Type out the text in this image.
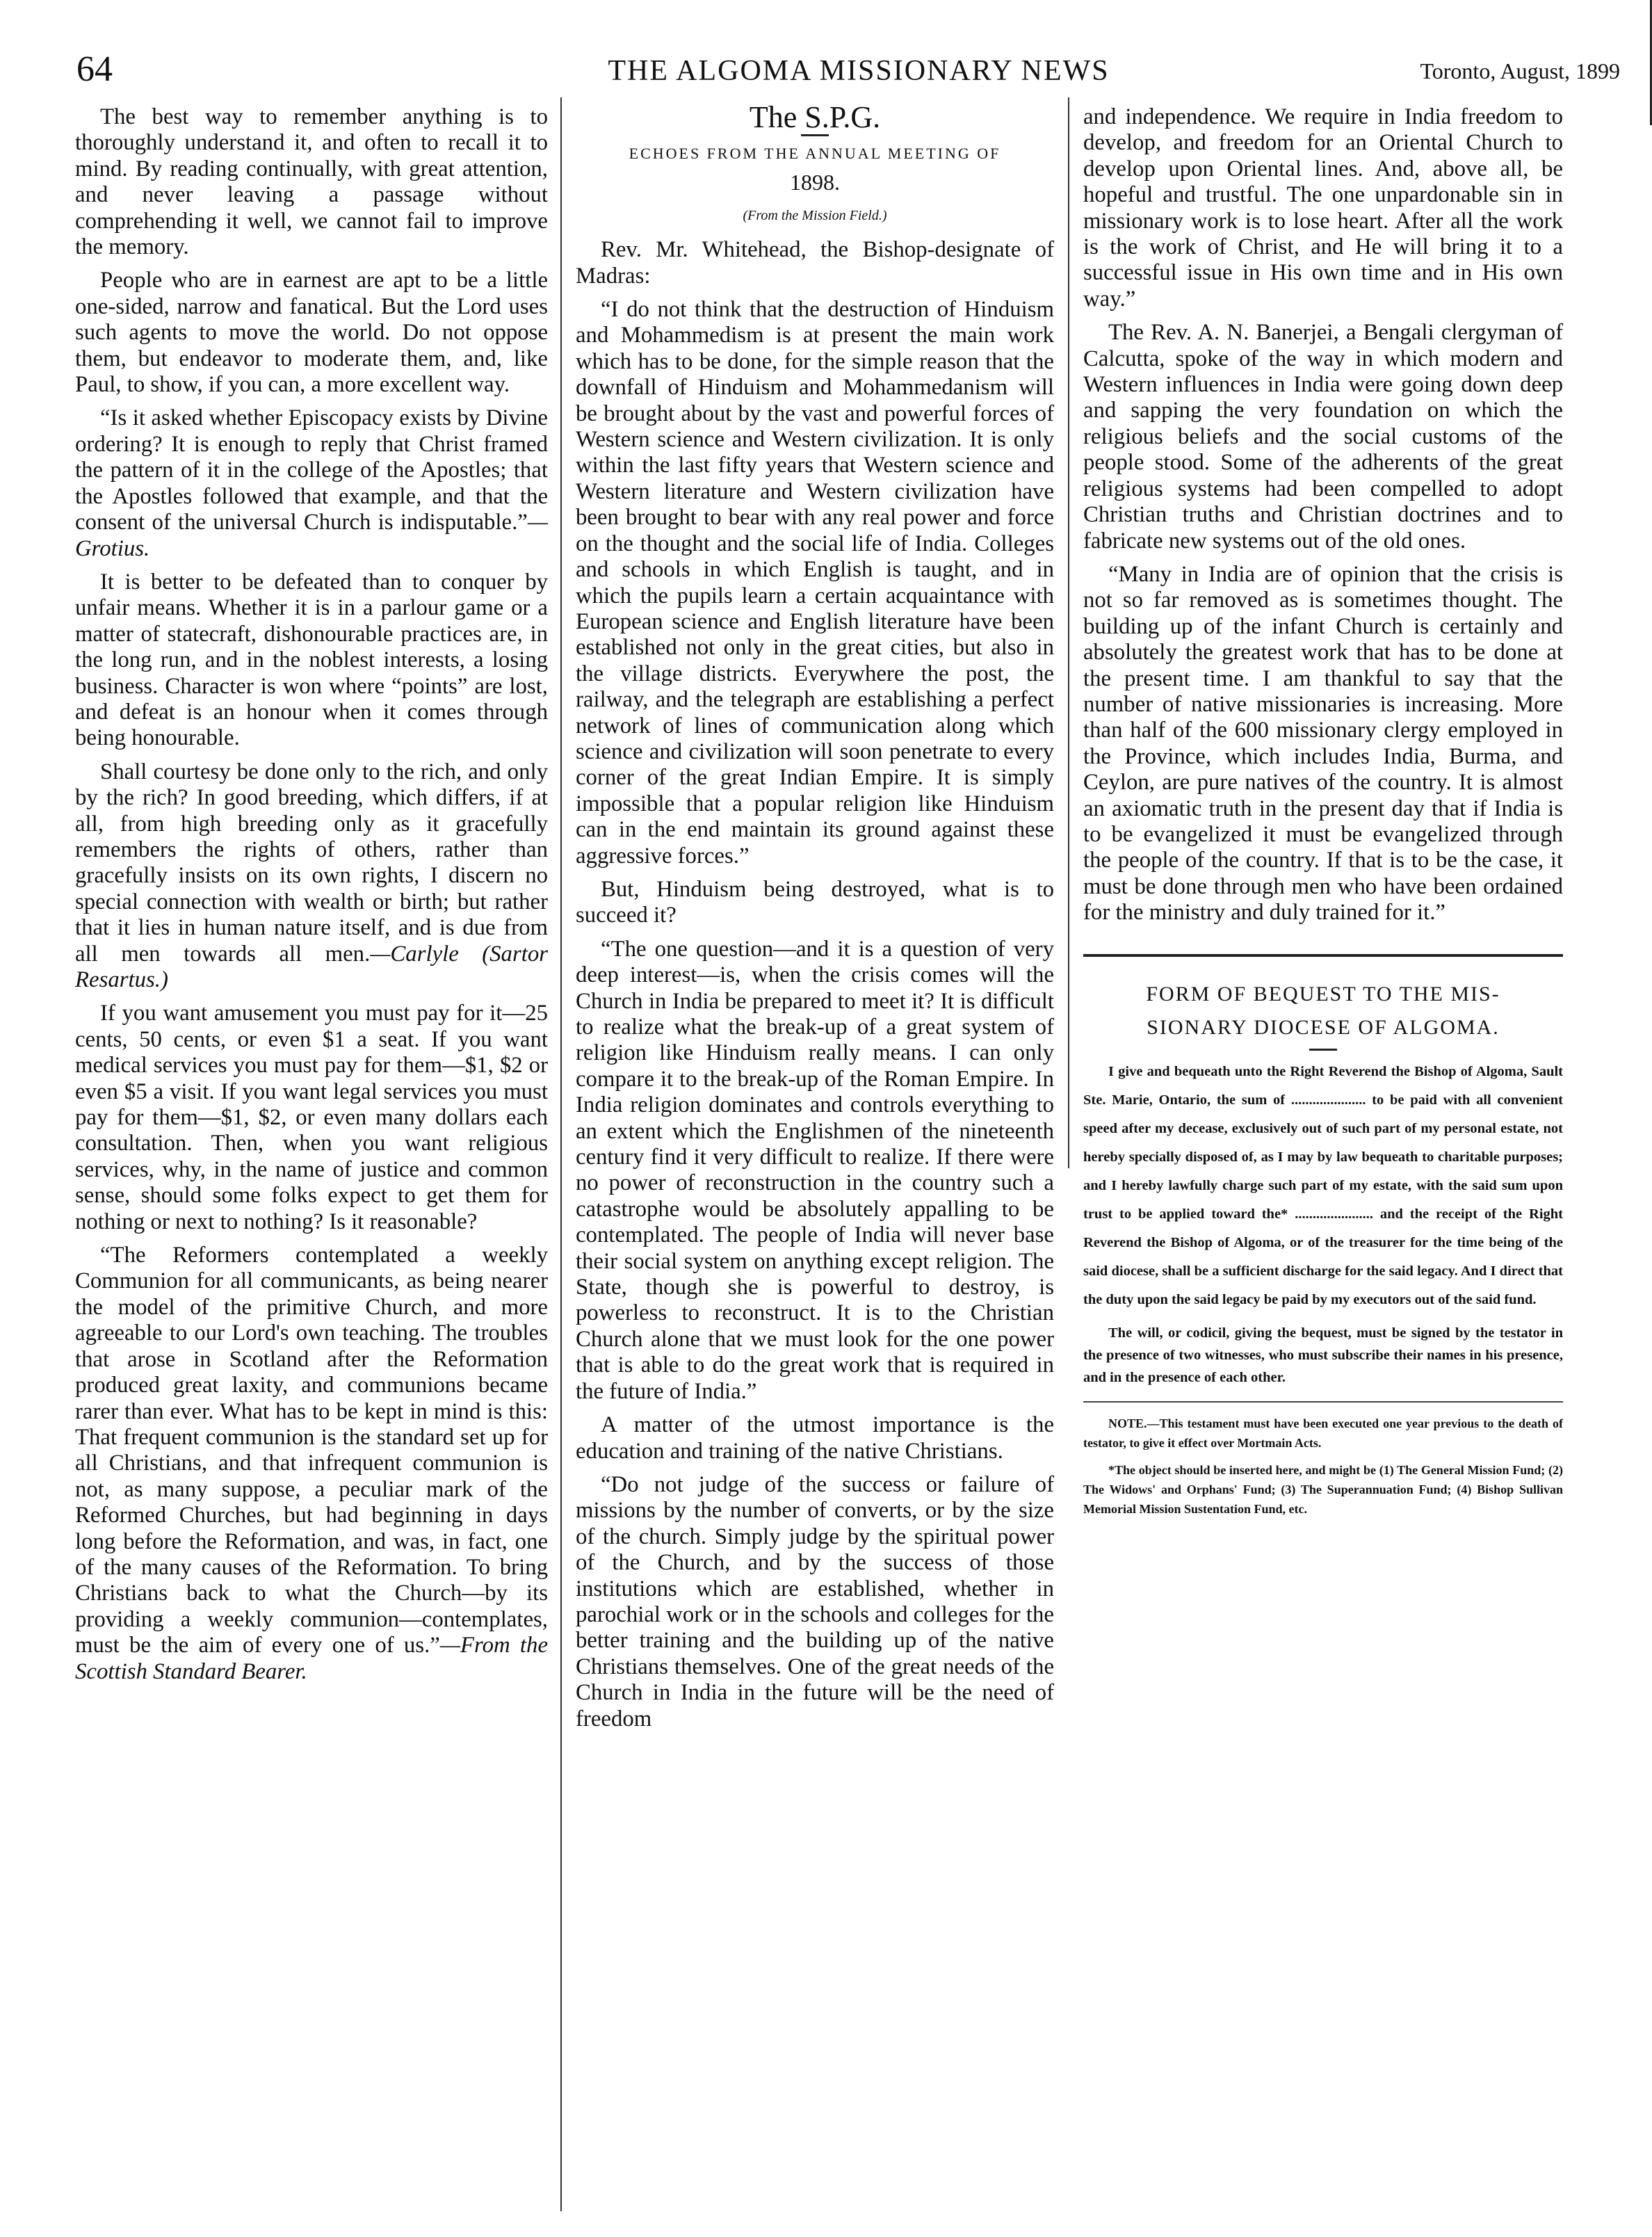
64	THE ALGOMA MISSIONARY NEWS	Toronto, August, 1899

The best way to remember anything is to thoroughly understand it, and often to recall it to mind. By reading continually, with great attention, and never leaving a passage without comprehending it well, we cannot fail to improve the memory.

People who are in earnest are apt to be a little one-sided, narrow and fanatical. But the Lord uses such agents to move the world. Do not oppose them, but endeavor to moderate them, and, like Paul, to show, if you can, a more excellent way.

“Is it asked whether Episcopacy exists by Divine ordering? It is enough to reply that Christ framed the pattern of it in the college of the Apostles; that the Apostles followed that example, and that the consent of the universal Church is indisputable.”—Grotius.

It is better to be defeated than to conquer by unfair means. Whether it is in a parlour game or a matter of statecraft, dishonourable practices are, in the long run, and in the noblest interests, a losing business. Character is won where “points” are lost, and defeat is an honour when it comes through being honourable.

Shall courtesy be done only to the rich, and only by the rich? In good breeding, which differs, if at all, from high breeding only as it gracefully remembers the rights of others, rather than gracefully insists on its own rights, I discern no special connection with wealth or birth; but rather that it lies in human nature itself, and is due from all men towards all men.—Carlyle (Sartor Resartus.)

If you want amusement you must pay for it—25 cents, 50 cents, or even $1 a seat. If you want medical services you must pay for them—$1, $2 or even $5 a visit. If you want legal services you must pay for them—$1, $2, or even many dollars each consultation. Then, when you want religious services, why, in the name of justice and common sense, should some folks expect to get them for nothing or next to nothing? Is it reasonable?

“The Reformers contemplated a weekly Communion for all communicants, as being nearer the model of the primitive Church, and more agreeable to our Lord's own teaching. The troubles that arose in Scotland after the Reformation produced great laxity, and communions became rarer than ever. What has to be kept in mind is this: That frequent communion is the standard set up for all Christians, and that infrequent communion is not, as many suppose, a peculiar mark of the Reformed Churches, but had beginning in days long before the Reformation, and was, in fact, one of the many causes of the Reformation. To bring Christians back to what the Church—by its providing a weekly communion—contemplates, must be the aim of every one of us.”—From the Scottish Standard Bearer.

The S.P.G.
ECHOES FROM THE ANNUAL MEETING OF
1898.
(From the Mission Field.)

Rev. Mr. Whitehead, the Bishop-designate of Madras:

“I do not think that the destruction of Hinduism and Mohammedism is at present the main work which has to be done, for the simple reason that the downfall of Hinduism and Mohammedanism will be brought about by the vast and powerful forces of Western science and Western civilization. It is only within the last fifty years that Western science and Western literature and Western civilization have been brought to bear with any real power and force on the thought and the social life of India. Colleges and schools in which English is taught, and in which the pupils learn a certain acquaintance with European science and English literature have been established not only in the great cities, but also in the village districts. Everywhere the post, the railway, and the telegraph are establishing a perfect network of lines of communication along which science and civilization will soon penetrate to every corner of the great Indian Empire. It is simply impossible that a popular religion like Hinduism can in the end maintain its ground against these aggressive forces.”

But, Hinduism being destroyed, what is to succeed it?

“The one question—and it is a question of very deep interest—is, when the crisis comes will the Church in India be prepared to meet it? It is difficult to realize what the break-up of a great system of religion like Hinduism really means. I can only compare it to the break-up of the Roman Empire. In India religion dominates and controls everything to an extent which the Englishmen of the nineteenth century find it very difficult to realize. If there were no power of reconstruction in the country such a catastrophe would be absolutely appalling to be contemplated. The people of India will never base their social system on anything except religion. The State, though she is powerful to destroy, is powerless to reconstruct. It is to the Christian Church alone that we must look for the one power that is able to do the great work that is required in the future of India.”

A matter of the utmost importance is the education and training of the native Christians.

“Do not judge of the success or failure of missions by the number of converts, or by the size of the church. Simply judge by the spiritual power of the Church, and by the success of those institutions which are established, whether in parochial work or in the schools and colleges for the better training and the building up of the native Christians themselves. One of the great needs of the Church in India in the future will be the need of freedom

and independence. We require in India freedom to develop, and freedom for an Oriental Church to develop upon Oriental lines. And, above all, be hopeful and trustful. The one unpardonable sin in missionary work is to lose heart. After all the work is the work of Christ, and He will bring it to a successful issue in His own time and in His own way.”

The Rev. A. N. Banerjei, a Bengali clergyman of Calcutta, spoke of the way in which modern and Western influences in India were going down deep and sapping the very foundation on which the religious beliefs and the social customs of the people stood. Some of the adherents of the great religious systems had been compelled to adopt Christian truths and Christian doctrines and to fabricate new systems out of the old ones.

“Many in India are of opinion that the crisis is not so far removed as is sometimes thought. The building up of the infant Church is certainly and absolutely the greatest work that has to be done at the present time. I am thankful to say that the number of native missionaries is increasing. More than half of the 600 missionary clergy employed in the Province, which includes India, Burma, and Ceylon, are pure natives of the country. It is almost an axiomatic truth in the present day that if India is to be evangelized it must be evangelized through the people of the country. If that is to be the case, it must be done through men who have been ordained for the ministry and duly trained for it.”

FORM OF BEQUEST TO THE MIS-
SIONARY DIOCESE OF ALGOMA.

I give and bequeath unto the Right Reverend the Bishop of Algoma, Sault Ste. Marie, Ontario, the sum of ..................... to be paid with all convenient speed after my decease, exclusively out of such part of my personal estate, not hereby specially disposed of, as I may by law bequeath to charitable purposes; and I hereby lawfully charge such part of my estate, with the said sum upon trust to be applied toward the* ...................... and the receipt of the Right Reverend the Bishop of Algoma, or of the treasurer for the time being of the said diocese, shall be a sufficient discharge for the said legacy. And I direct that the duty upon the said legacy be paid by my executors out of the said fund.

The will, or codicil, giving the bequest, must be signed by the testator in the presence of two witnesses, who must subscribe their names in his presence, and in the presence of each other.

NOTE.—This testament must have been executed one year previous to the death of testator, to give it effect over Mortmain Acts.

*The object should be inserted here, and might be (1) The General Mission Fund; (2) The Widows' and Orphans' Fund; (3) The Superannuation Fund; (4) Bishop Sullivan Memorial Mission Sustentation Fund, etc.
